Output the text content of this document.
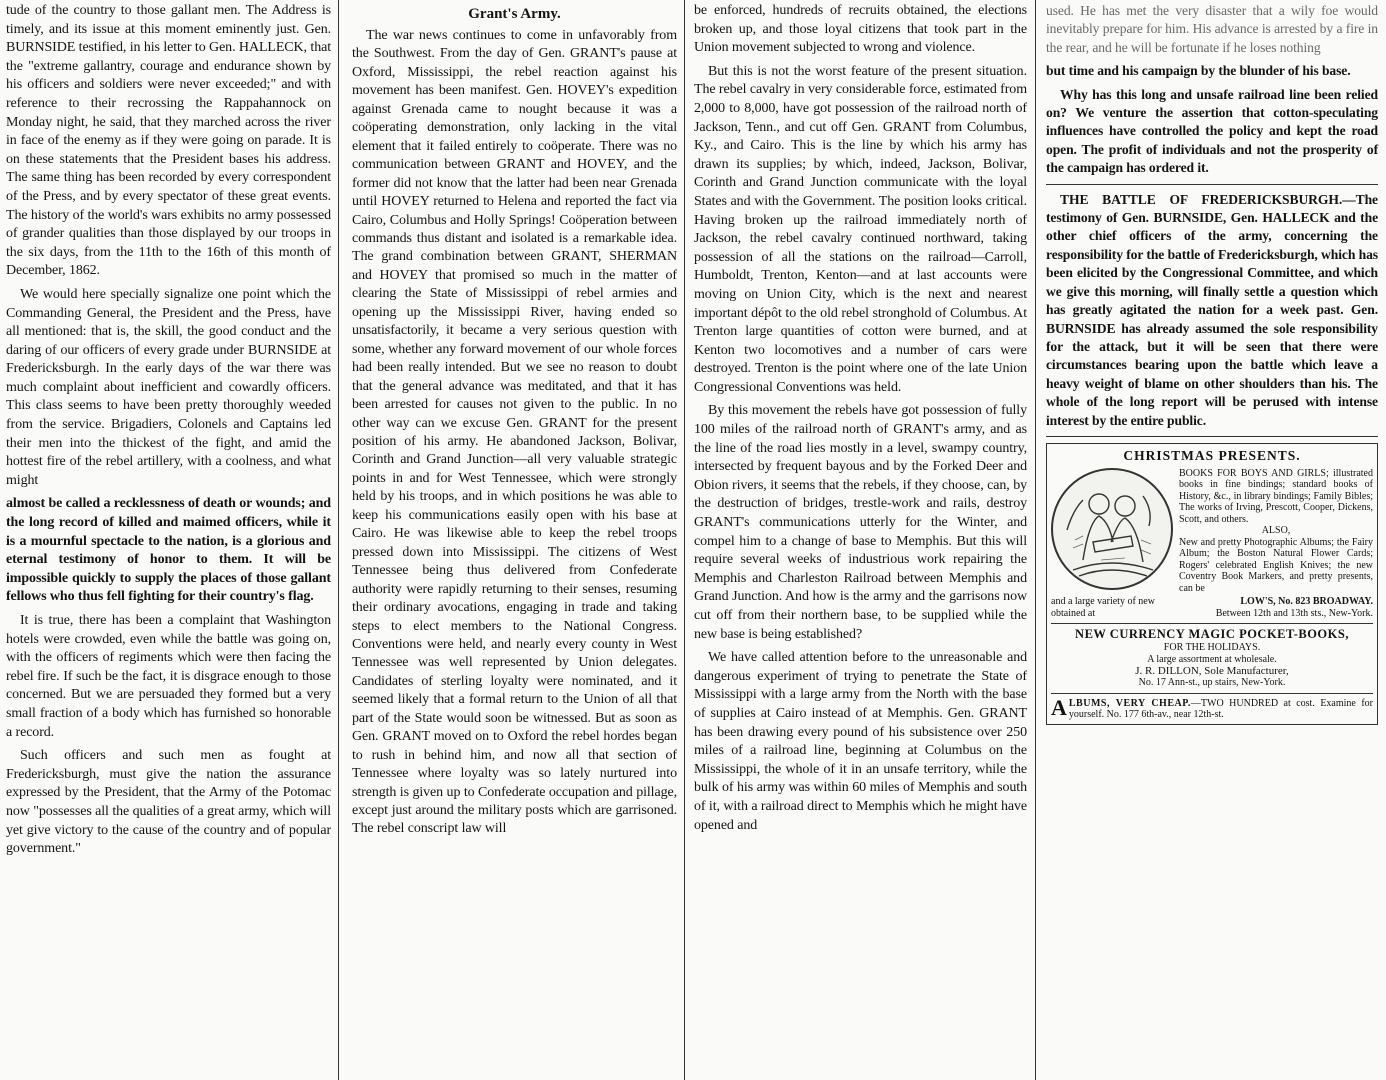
tude of the country to those gallant men. The Address is timely, and its issue at this moment eminently just. Gen. BURNSIDE testified, in his letter to Gen. HALLECK, that the "extreme gallantry, courage and endurance shown by his officers and soldiers were never exceeded;" and with reference to their recrossing the Rappahannock on Monday night, he said, that they marched across the river in face of the enemy as if they were going on parade. It is on these statements that the President bases his address. The same thing has been recorded by every correspondent of the Press, and by every spectator of these great events. The history of the world's wars exhibits no army possessed of grander qualities than those displayed by our troops in the six days, from the 11th to the 16th of this month of December, 1862.

We would here specially signalize one point which the Commanding General, the President and the Press, have all mentioned: that is, the skill, the good conduct and the daring of our officers of every grade under BURNSIDE at Fredericksburgh. In the early days of the war there was much complaint about inefficient and cowardly officers. This class seems to have been pretty thoroughly weeded from the service. Brigadiers, Colonels and Captains led their men into the thickest of the fight, and amid the hottest fire of the rebel artillery, with a coolness, and what might

almost be called a recklessness of death or wounds; and the long record of killed and maimed officers, while it is a mournful spectacle to the nation, is a glorious and eternal testimony of honor to them. It will be impossible quickly to supply the places of those gallant fellows who thus fell fighting for their country's flag.

It is true, there has been a complaint that Washington hotels were crowded, even while the battle was going on, with the officers of regiments which were then facing the rebel fire. If such be the fact, it is disgrace enough to those concerned. But we are persuaded they formed but a very small fraction of a body which has furnished so honorable a record.

Such officers and such men as fought at Fredericksburgh, must give the nation the assurance expressed by the President, that the Army of the Potomac now "possesses all the qualities of a great army, which will yet give victory to the cause of the country and of popular government."

Grant's Army.

The war news continues to come in unfavorably from the Southwest. From the day of Gen. GRANT's pause at Oxford, Mississippi, the rebel reaction against his movement has been manifest. Gen. HOVEY's expedition against Grenada came to nought because it was a coöperating demonstration, only lacking in the vital element that it failed entirely to coöperate. There was no communication between GRANT and HOVEY, and the former did not know that the latter had been near Grenada until HOVEY returned to Helena and reported the fact via Cairo, Columbus and Holly Springs! Coöperation between commands thus distant and isolated is a remarkable idea. The grand combination between GRANT, SHERMAN and HOVEY that promised so much in the matter of clearing the State of Mississippi of rebel armies and opening up the Mississippi River, having ended so unsatisfactorily, it became a very serious question with some, whether any forward movement of our whole forces had been really intended. But we see no reason to doubt that the general advance was meditated, and that it has been arrested for causes not given to the public. In no other way can we excuse Gen. GRANT for the present position of his army. He abandoned Jackson, Bolivar, Corinth and Grand Junction—all very valuable strategic points in and for West Tennessee, which were strongly held by his troops, and in which positions he was able to keep his communications easily open with his base at Cairo. He was likewise able to keep the rebel troops pressed down into Mississippi. The citizens of West Tennessee being thus delivered from Confederate authority were rapidly returning to their senses, resuming their ordinary avocations, engaging in trade and taking steps to elect members to the National Congress. Conventions were held, and nearly every county in West Tennessee was well represented by Union delegates. Candidates of sterling loyalty were nominated, and it seemed likely that a formal return to the Union of all that part of the State would soon be witnessed. But as soon as Gen. GRANT moved on to Oxford the rebel hordes began to rush in behind him, and now all that section of Tennessee where loyalty was so lately nurtured into strength is given up to Confederate occupation and pillage, except just around the military posts which are garrisoned. The rebel conscript law will

be enforced, hundreds of recruits obtained, the elections broken up, and those loyal citizens that took part in the Union movement subjected to wrong and violence.

But this is not the worst feature of the present situation. The rebel cavalry in very considerable force, estimated from 2,000 to 8,000, have got possession of the railroad north of Jackson, Tenn., and cut off Gen. GRANT from Columbus, Ky., and Cairo. This is the line by which his army has drawn its supplies; by which, indeed, Jackson, Bolivar, Corinth and Grand Junction communicate with the loyal States and with the Government. The position looks critical. Having broken up the railroad immediately north of Jackson, the rebel cavalry continued northward, taking possession of all the stations on the railroad—Carroll, Humboldt, Trenton, Kenton—and at last accounts were moving on Union City, which is the next and nearest important dépôt to the old rebel stronghold of Columbus. At Trenton large quantities of cotton were burned, and at Kenton two locomotives and a number of cars were destroyed. Trenton is the point where one of the late Union Congressional Conventions was held.

By this movement the rebels have got possession of fully 100 miles of the railroad north of GRANT's army, and as the line of the road lies mostly in a level, swampy country, intersected by frequent bayous and by the Forked Deer and Obion rivers, it seems that the rebels, if they choose, can, by the destruction of bridges, trestle-work and rails, destroy GRANT's communications utterly for the Winter, and compel him to a change of base to Memphis. But this will require several weeks of industrious work repairing the Memphis and Charleston Railroad between Memphis and Grand Junction. And how is the army and the garrisons now cut off from their northern base, to be supplied while the new base is being established?

We have called attention before to the unreasonable and dangerous experiment of trying to penetrate the State of Mississippi with a large army from the North with the base of supplies at Cairo instead of at Memphis. Gen. GRANT has been drawing every pound of his subsistence over 250 miles of a railroad line, beginning at Columbus on the Mississippi, the whole of it in an unsafe territory, while the bulk of his army was within 60 miles of Memphis and south of it, with a railroad direct to Memphis which he might have opened and

used. He has met the very disaster that a wily foe would inevitably prepare for him. His advance is arrested by a fire in the rear, and he will be fortunate if he loses nothing

but time and his campaign by the blunder of his base.

Why has this long and unsafe railroad line been relied on? We venture the assertion that cotton-speculating influences have controlled the policy and kept the road open. The profit of individuals and not the prosperity of the campaign has ordered it.

THE BATTLE OF FREDERICKSBURGH.—The testimony of Gen. BURNSIDE, Gen. HALLECK and the other chief officers of the army, concerning the responsibility for the battle of Fredericksburgh, which has been elicited by the Congressional Committee, and which we give this morning, will finally settle a question which has greatly agitated the nation for a week past. Gen. BURNSIDE has already assumed the sole responsibility for the attack, but it will be seen that there were circumstances bearing upon the battle which leave a heavy weight of blame on other shoulders than his. The whole of the long report will be perused with intense interest by the entire public.

CHRISTMAS PRESENTS.
BOOKS FOR BOYS AND GIRLS; illustrated books in fine bindings; standard books of History, &c., in library bindings; Family Bibles; The works of Irving, Prescott, Cooper, Dickens, Scott, and others.
ALSO,
New and pretty Photographic Albums; the Fairy Album; the Boston Natural Flower Cards; Rogers' celebrated English Knives; the new Coventry Book Markers, and pretty presents, can be
and a large variety of new obtained at
LOW'S, No. 823 BROADWAY.
Between 12th and 13th sts., New-York.
NEW CURRENCY MAGIC POCKET-BOOKS,
FOR THE HOLIDAYS.
A large assortment at wholesale.
J. R. DILLON, Sole Manufacturer,
No. 17 Ann-st., up stairs, New-York.
ALBUMS, VERY CHEAP.—TWO HUNDRED at cost. Examine for yourself. No. 177 6th-av., near 12th-st.
